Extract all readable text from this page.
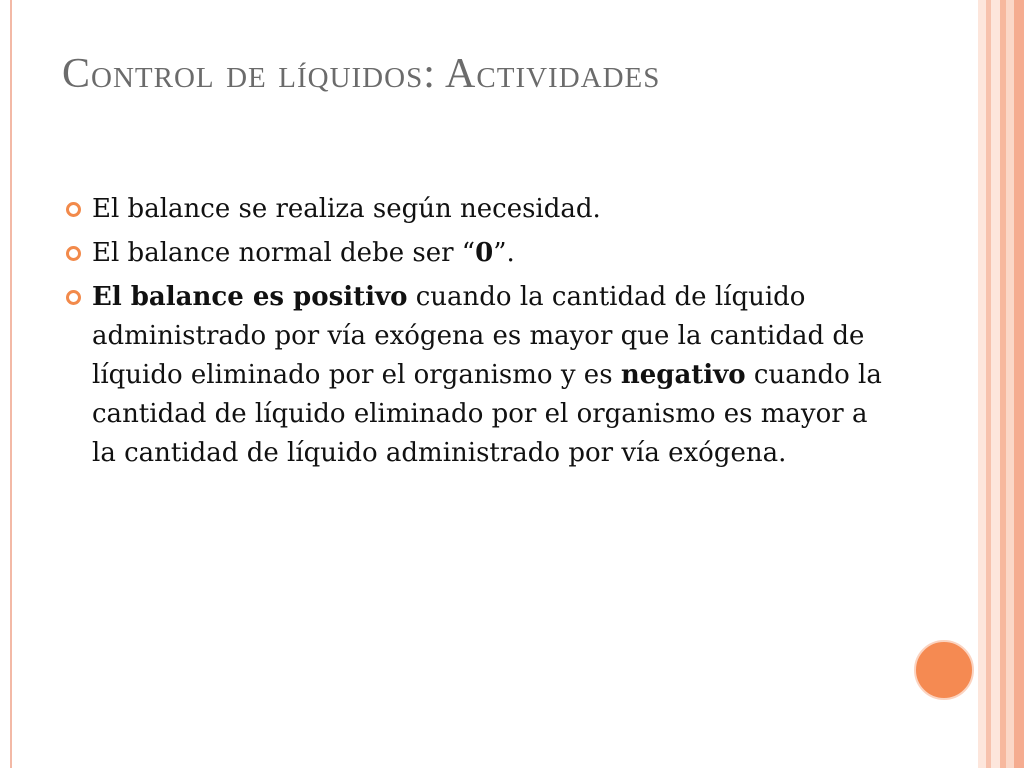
Control de líquidos: Actividades
El balance se realiza según necesidad.
El balance normal debe ser “0”.
El balance es positivo cuando la cantidad de líquido administrado por vía exógena es mayor que la cantidad de líquido eliminado por el organismo y es negativo cuando la cantidad de líquido eliminado por el organismo es mayor a la cantidad de líquido administrado por vía exógena.
